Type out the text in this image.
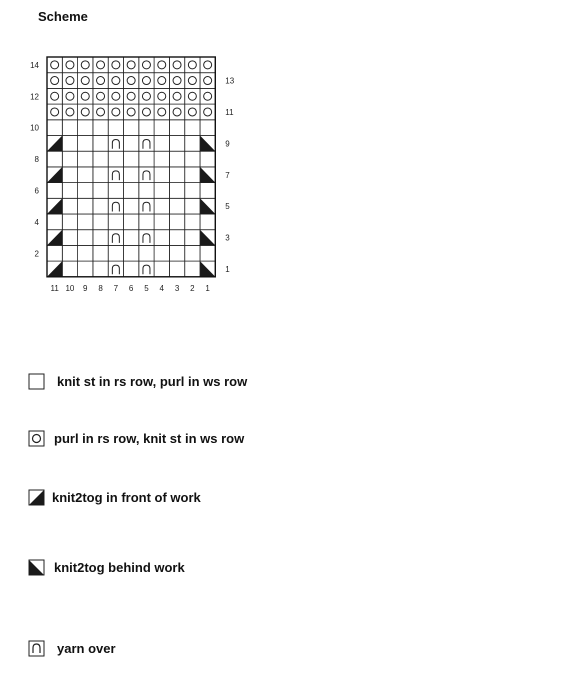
Scheme
11 10 9 8 7 6 5 4 3 2 1
14
12
10
8
6
4
2
13
11
9
7
5
3
1
knit st in rs row, purl in ws row
purl in rs row, knit st in ws row
knit2tog in front of work
knit2tog behind work
yarn over
